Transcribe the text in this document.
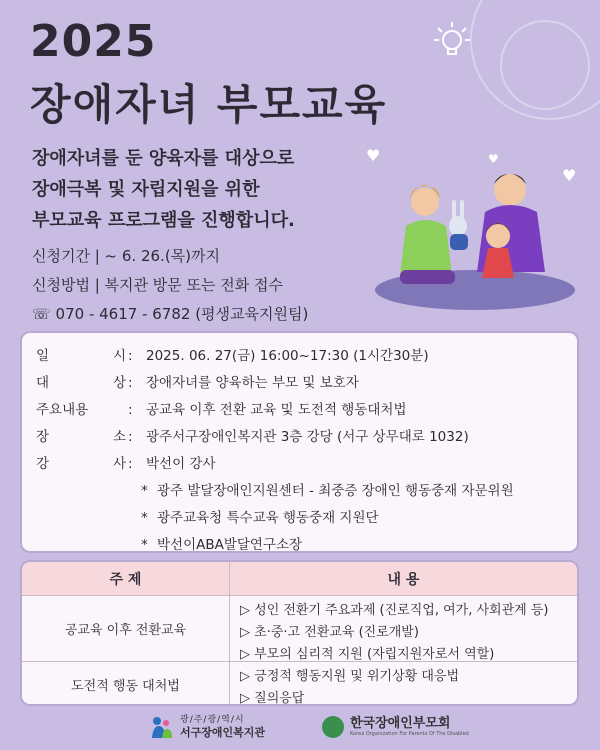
2025
장애자녀 부모교육
장애자녀를 둔 양육자를 대상으로
장애극복 및 자립지원을 위한
부모교육 프로그램을 진행합니다.
신청기간 | ~ 6. 26.(목)까지
신청방법 | 복지관 방문 또는 전화 접수
☏ 070 - 4617 - 6782 (평생교육지원팀)
♥
♥
♥
일	시 : 2025. 06. 27(금) 16:00~17:30 (1시간30분)
대	상 : 장애자녀를 양육하는 부모 및 보호자
주요내용	: 공교육 이후 전환 교육 및 도전적 행동대처법
장	소 : 광주서구장애인복지관 3층 강당 (서구 상무대로 1032)
강	사 : 박선이 강사
* 광주 발달장애인지원센터 - 최중증 장애인 행동중재 자문위원
* 광주교육청 특수교육 행동중재 지원단
* 박선이ABA발달연구소장
주 제	내 용
공교육 이후 전환교육
▷ 성인 전환기 주요과제 (진로직업, 여가, 사회관계 등)
▷ 초·중·고 전환교육 (진로개발)
▷ 부모의 심리적 지원 (자립지원자로서 역할)
도전적 행동 대처법
▷ 긍정적 행동지원 및 위기상황 대응법
▷ 질의응답
광/주/광/역/시
서구장애인복지관
한국장애인부모회
Korea Organization For Parents Of The Disabled
